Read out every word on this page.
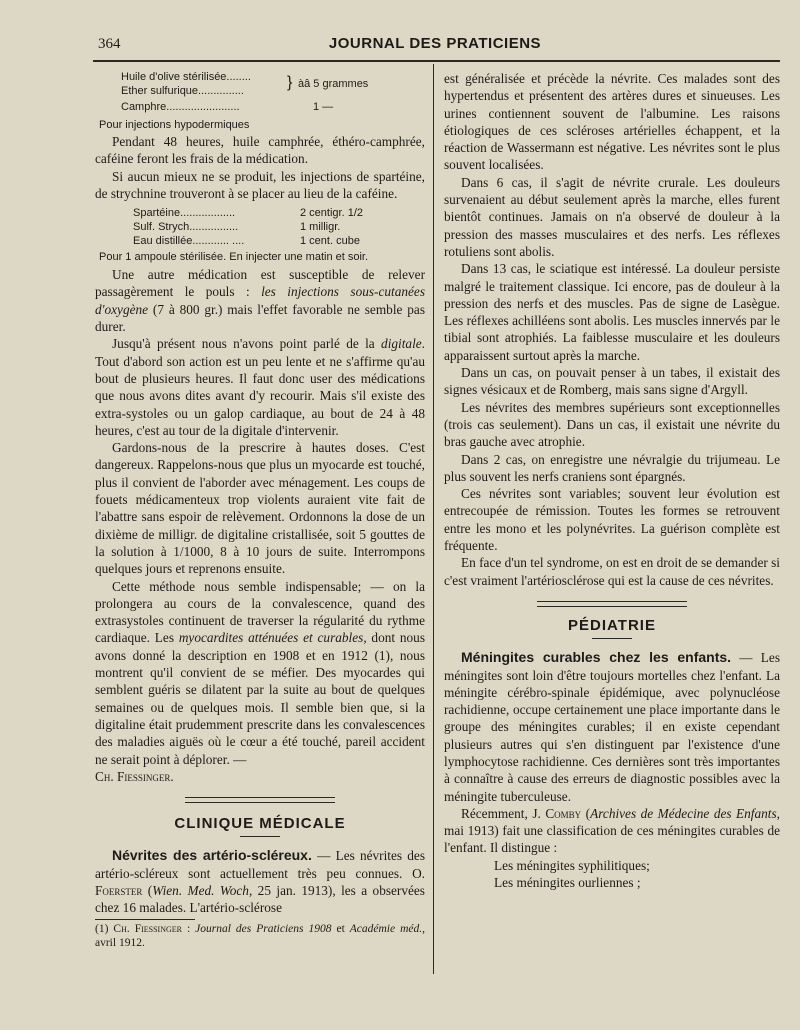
364	JOURNAL DES PRATICIENS
Huile d'olive stérilisée........
Ether sulfurique...............	} àâ 5 grammes
Camphre........................	1 —
Pour injections hypodermiques

Pendant 48 heures, huile camphrée, éthéro-camphrée, caféine feront les frais de la médication.

Si aucun mieux ne se produit, les injections de spartéine, de strychnine trouveront à se placer au lieu de la caféine.

Spartéine..................	2 centigr. 1/2
Sulf. Strych................	1 milligr.
Eau distillée............ ....	1 cent. cube
Pour 1 ampoule stérilisée. En injecter une matin et soir.

Une autre médication est susceptible de relever passagèrement le pouls : les injections sous-cutanées d'oxygène (7 à 800 gr.) mais l'effet favorable ne semble pas durer.

Jusqu'à présent nous n'avons point parlé de la digitale. Tout d'abord son action est un peu lente et ne s'affirme qu'au bout de plusieurs heures. Il faut donc user des médications que nous avons dites avant d'y recourir. Mais s'il existe des extra-systoles ou un galop cardiaque, au bout de 24 à 48 heures, c'est au tour de la digitale d'intervenir.

Gardons-nous de la prescrire à hautes doses. C'est dangereux. Rappelons-nous que plus un myocarde est touché, plus il convient de l'aborder avec ménagement. Les coups de fouets médicamenteux trop violents auraient vite fait de l'abattre sans espoir de relèvement. Ordonnons la dose de un dixième de milligr. de digitaline cristallisée, soit 5 gouttes de la solution à 1/1000, 8 à 10 jours de suite. Interrompons quelques jours et reprenons ensuite.

Cette méthode nous semble indispensable; — on la prolongera au cours de la convalescence, quand des extrasystoles continuent de traverser la régularité du rythme cardiaque. Les myocardites atténuées et curables, dont nous avons donné la description en 1908 et en 1912 (1), nous montrent qu'il convient de se méfier. Des myocardes qui semblent guéris se dilatent par la suite au bout de quelques semaines ou de quelques mois. Il semble bien que, si la digitaline était prudemment prescrite dans les convalescences des maladies aiguës où le cœur a été touché, pareil accident ne serait point à déplorer. —

Ch. Fiessinger.

CLINIQUE MÉDICALE

Névrites des artério-scléreux. — Les névrites des artério-scléreux sont actuellement très peu connues. O. Foerster (Wien. Med. Woch, 25 jan. 1913), les a observées chez 16 malades. L'artério-sclérose

(1) Ch. Fiessinger : Journal des Praticiens 1908 et Académie méd., avril 1912.

est généralisée et précède la névrite. Ces malades sont des hypertendus et présentent des artères dures et sinueuses. Les urines contiennent souvent de l'albumine. Les raisons étiologiques de ces scléroses artérielles échappent, et la réaction de Wassermann est négative. Les névrites sont le plus souvent localisées.

Dans 6 cas, il s'agit de névrite crurale. Les douleurs survenaient au début seulement après la marche, elles furent bientôt continues. Jamais on n'a observé de douleur à la pression des masses musculaires et des nerfs. Les réflexes rotuliens sont abolis.

Dans 13 cas, le sciatique est intéressé. La douleur persiste malgré le traitement classique. Ici encore, pas de douleur à la pression des nerfs et des muscles. Pas de signe de Lasègue. Les réflexes achilléens sont abolis. Les muscles innervés par le tibial sont atrophiés. La faiblesse musculaire et les douleurs apparaissent surtout après la marche.

Dans un cas, on pouvait penser à un tabes, il existait des signes vésicaux et de Romberg, mais sans signe d'Argyll.

Les névrites des membres supérieurs sont exceptionnelles (trois cas seulement). Dans un cas, il existait une névrite du bras gauche avec atrophie.

Dans 2 cas, on enregistre une névralgie du trijumeau. Le plus souvent les nerfs craniens sont épargnés.

Ces névrites sont variables; souvent leur évolution est entrecoupée de rémission. Toutes les formes se retrouvent entre les mono et les polynévrites. La guérison complète est fréquente.

En face d'un tel syndrome, on est en droit de se demander si c'est vraiment l'artériosclérose qui est la cause de ces névrites.

PÉDIATRIE

Méningites curables chez les enfants. — Les méningites sont loin d'être toujours mortelles chez l'enfant. La méningite cérébro-spinale épidémique, avec polynucléose rachidienne, occupe certainement une place importante dans le groupe des méningites curables; il en existe cependant plusieurs autres qui s'en distinguent par l'existence d'une lymphocytose rachidienne. Ces dernières sont très importantes à connaître à cause des erreurs de diagnostic possibles avec la méningite tuberculeuse.

Récemment, J. Comby (Archives de Médecine des Enfants, mai 1913) fait une classification de ces méningites curables de l'enfant. Il distingue :

Les méningites syphilitiques;

Les méningites ourliennes ;
